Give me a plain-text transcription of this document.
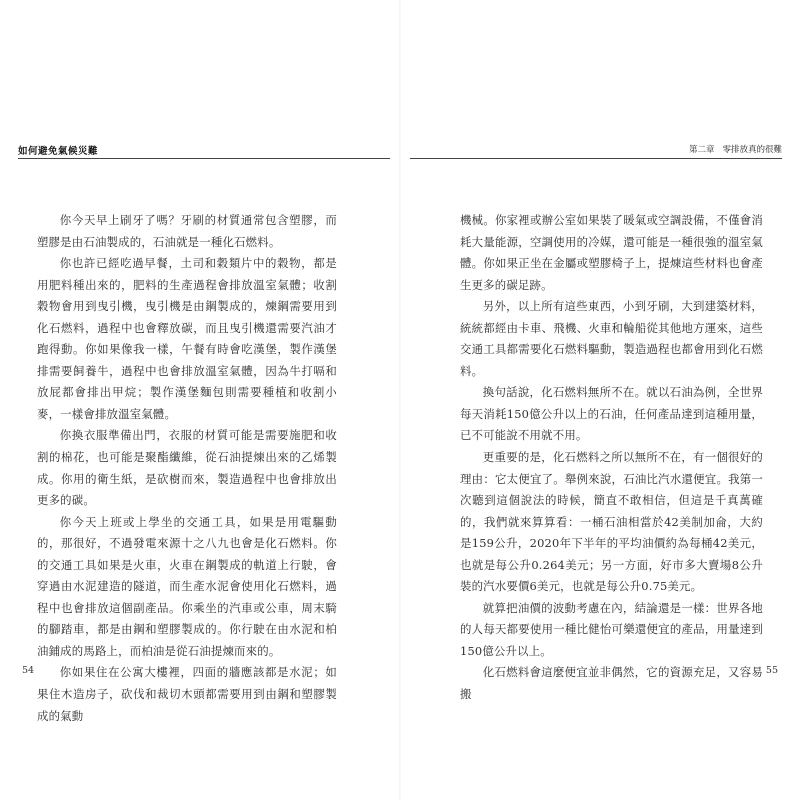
如何避免氣候災難

你今天早上刷牙了嗎？牙刷的材質通常包含塑膠，而塑膠是由石油製成的，石油就是一種化石燃料。

你也許已經吃過早餐，土司和穀類片中的穀物，都是用肥料種出來的，肥料的生產過程會排放溫室氣體；收割穀物會用到曳引機，曳引機是由鋼製成的，煉鋼需要用到化石燃料，過程中也會釋放碳，而且曳引機還需要汽油才跑得動。你如果像我一樣，午餐有時會吃漢堡，製作漢堡排需要飼養牛，過程中也會排放溫室氣體，因為牛打嗝和放屁都會排出甲烷；製作漢堡麵包則需要種植和收割小麥，一樣會排放溫室氣體。

你換衣服準備出門，衣服的材質可能是需要施肥和收割的棉花，也可能是聚酯纖維，從石油提煉出來的乙烯製成。你用的衛生紙，是砍樹而來，製造過程中也會排放出更多的碳。

你今天上班或上學坐的交通工具，如果是用電驅動的，那很好，不過發電來源十之八九也會是化石燃料。你的交通工具如果是火車，火車在鋼製成的軌道上行駛，會穿過由水泥建造的隧道，而生產水泥會使用化石燃料，過程中也會排放這個副產品。你乘坐的汽車或公車，周末騎的腳踏車，都是由鋼和塑膠製成的。你行駛在由水泥和柏油鋪成的馬路上，而柏油是從石油提煉而來的。

你如果住在公寓大樓裡，四面的牆應該都是水泥；如果住木造房子，砍伐和裁切木頭都需要用到由鋼和塑膠製成的氣動

54
第二章 零排放真的很難

機械。你家裡或辦公室如果裝了暖氣或空調設備，不僅會消耗大量能源，空調使用的冷媒，還可能是一種很強的溫室氣體。你如果正坐在金屬或塑膠椅子上，提煉這些材料也會產生更多的碳足跡。

另外，以上所有這些東西，小到牙刷，大到建築材料，統統都經由卡車、飛機、火車和輪船從其他地方運來，這些交通工具都需要化石燃料驅動，製造過程也都會用到化石燃料。

換句話說，化石燃料無所不在。就以石油為例，全世界每天消耗150億公升以上的石油，任何產品達到這種用量，已不可能說不用就不用。

更重要的是，化石燃料之所以無所不在，有一個很好的理由：它太便宜了。舉例來說，石油比汽水還便宜。我第一次聽到這個說法的時候，簡直不敢相信，但這是千真萬確的，我們就來算算看：一桶石油相當於42美制加侖，大約是159公升，2020年下半年的平均油價約為每桶42美元，也就是每公升0.264美元；另一方面，好市多大賣場8公升裝的汽水要價6美元，也就是每公升0.75美元。

就算把油價的波動考慮在內，結論還是一樣：世界各地的人每天都要使用一種比健怡可樂還便宜的產品，用量達到150億公升以上。

化石燃料會這麼便宜並非偶然，它的資源充足，又容易搬

55
